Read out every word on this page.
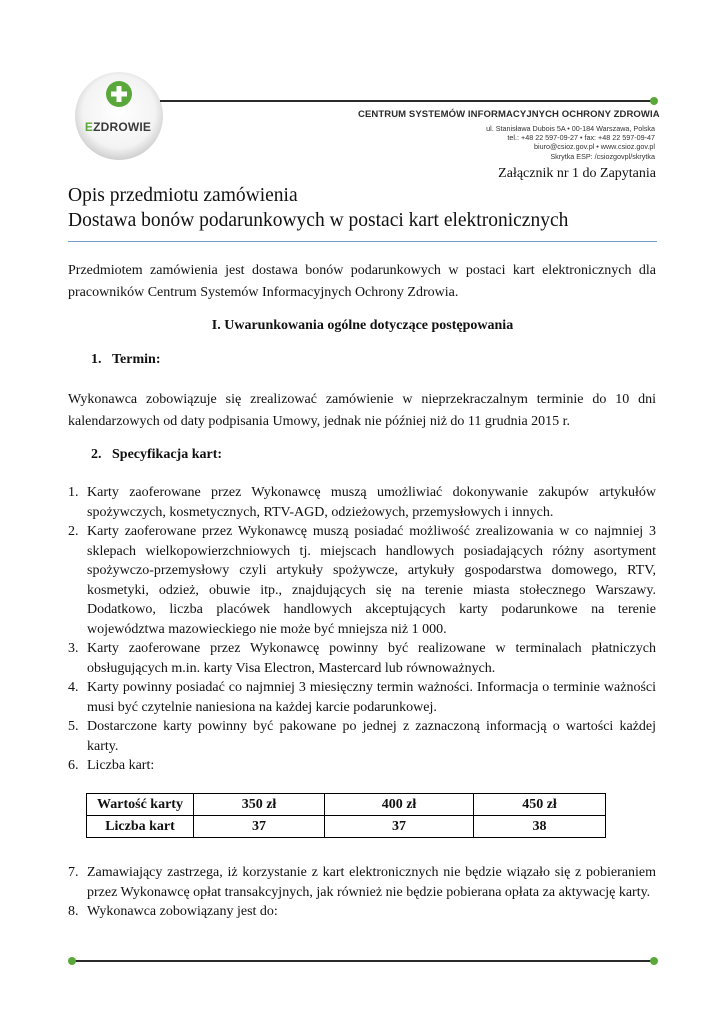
EZDROWIE
CENTRUM SYSTEMÓW INFORMACYJNYCH OCHRONY ZDROWIA
ul. Stanisława Dubois 5A • 00-184 Warszawa, Polska
tel.: +48 22 597-09-27 • fax: +48 22 597-09-47
biuro@csioz.gov.pl • www.csioz.gov.pl
Skrytka ESP: /csiozgovpl/skrytka
Załącznik nr 1 do Zapytania
Opis przedmiotu zamówienia
Dostawa bonów podarunkowych w postaci kart elektronicznych
Przedmiotem zamówienia jest dostawa bonów podarunkowych w postaci kart elektronicznych dla pracowników Centrum Systemów Informacyjnych Ochrony Zdrowia.
I. Uwarunkowania ogólne dotyczące postępowania
1. Termin:
Wykonawca zobowiązuje się zrealizować zamówienie w nieprzekraczalnym terminie do 10 dni kalendarzowych od daty podpisania Umowy, jednak nie później niż do 11 grudnia 2015 r.
2. Specyfikacja kart:
1. Karty zaoferowane przez Wykonawcę muszą umożliwiać dokonywanie zakupów artykułów spożywczych, kosmetycznych, RTV-AGD, odzieżowych, przemysłowych i innych.
2. Karty zaoferowane przez Wykonawcę muszą posiadać możliwość zrealizowania w co najmniej 3 sklepach wielkopowierzchniowych tj. miejscach handlowych posiadających różny asortyment spożywczo-przemysłowy czyli artykuły spożywcze, artykuły gospodarstwa domowego, RTV, kosmetyki, odzież, obuwie itp., znajdujących się na terenie miasta stołecznego Warszawy. Dodatkowo, liczba placówek handlowych akceptujących karty podarunkowe na terenie województwa mazowieckiego nie może być mniejsza niż 1 000.
3. Karty zaoferowane przez Wykonawcę powinny być realizowane w terminalach płatniczych obsługujących m.in. karty Visa Electron, Mastercard lub równoważnych.
4. Karty powinny posiadać co najmniej 3 miesięczny termin ważności. Informacja o terminie ważności musi być czytelnie naniesiona na każdej karcie podarunkowej.
5. Dostarczone karty powinny być pakowane po jednej z zaznaczoną informacją o wartości każdej karty.
6. Liczba kart:
Wartość karty	350 zł	400 zł	450 zł
Liczba kart	37	37	38
7. Zamawiający zastrzega, iż korzystanie z kart elektronicznych nie będzie wiązało się z pobieraniem przez Wykonawcę opłat transakcyjnych, jak również nie będzie pobierana opłata za aktywację karty.
8. Wykonawca zobowiązany jest do:
